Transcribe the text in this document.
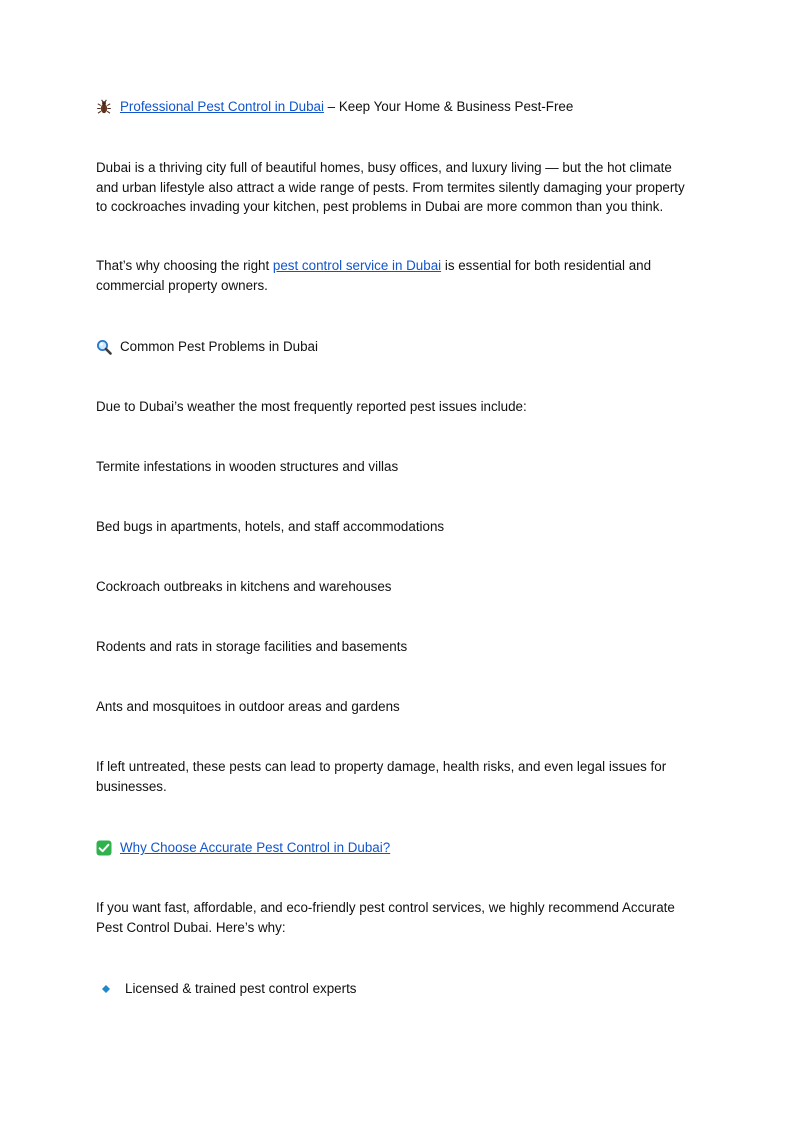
Professional Pest Control in Dubai – Keep Your Home & Business Pest-Free

Dubai is a thriving city full of beautiful homes, busy offices, and luxury living — but the hot climate and urban lifestyle also attract a wide range of pests. From termites silently damaging your property to cockroaches invading your kitchen, pest problems in Dubai are more common than you think.

That’s why choosing the right pest control service in Dubai is essential for both residential and commercial property owners.

Common Pest Problems in Dubai

Due to Dubai’s weather the most frequently reported pest issues include:

Termite infestations in wooden structures and villas

Bed bugs in apartments, hotels, and staff accommodations

Cockroach outbreaks in kitchens and warehouses

Rodents and rats in storage facilities and basements

Ants and mosquitoes in outdoor areas and gardens

If left untreated, these pests can lead to property damage, health risks, and even legal issues for businesses.

Why Choose Accurate Pest Control in Dubai?

If you want fast, affordable, and eco-friendly pest control services, we highly recommend Accurate Pest Control Dubai. Here’s why:

Licensed & trained pest control experts
